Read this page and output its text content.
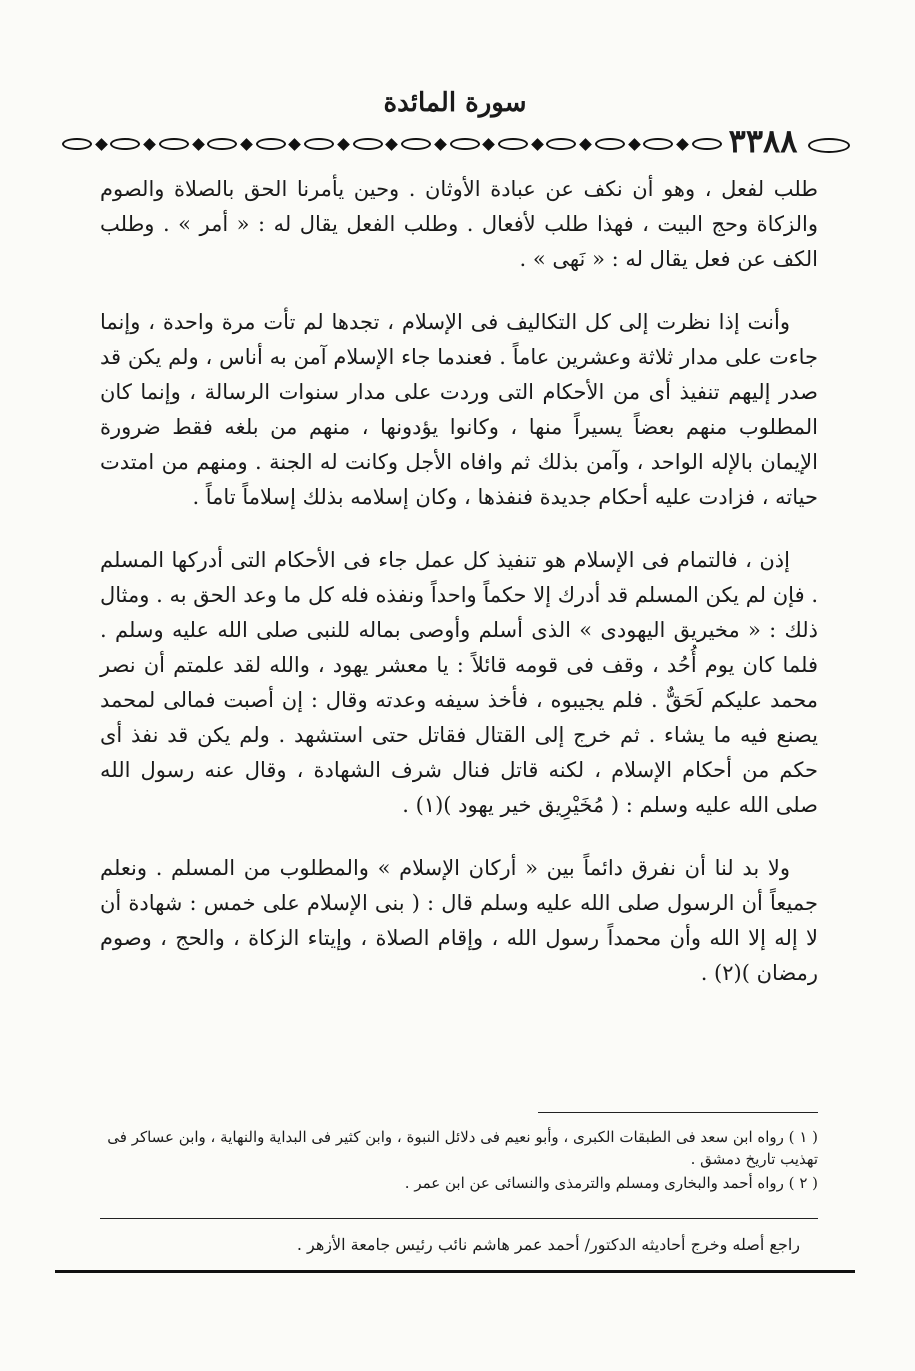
سورة المائدة
٣٣٨٨

طلب لفعل ، وهو أن نكف عن عبادة الأوثان . وحين يأمرنا الحق بالصلاة والصوم والزكاة وحج البيت ، فهذا طلب لأفعال . وطلب الفعل يقال له : « أمر » . وطلب الكف عن فعل يقال له : « نَهى » .

وأنت إذا نظرت إلى كل التكاليف فى الإسلام ، تجدها لم تأت مرة واحدة ، وإنما جاءت على مدار ثلاثة وعشرين عاماً . فعندما جاء الإسلام آمن به أناس ، ولم يكن قد صدر إليهم تنفيذ أى من الأحكام التى وردت على مدار سنوات الرسالة ، وإنما كان المطلوب منهم بعضاً يسيراً منها ، وكانوا يؤدونها ، منهم من بلغه فقط ضرورة الإيمان بالإله الواحد ، وآمن بذلك ثم وافاه الأجل وكانت له الجنة . ومنهم من امتدت حياته ، فزادت عليه أحكام جديدة فنفذها ، وكان إسلامه بذلك إسلاماً تاماً .

إذن ، فالتمام فى الإسلام هو تنفيذ كل عمل جاء فى الأحكام التى أدركها المسلم . فإن لم يكن المسلم قد أدرك إلا حكماً واحداً ونفذه فله كل ما وعد الحق به . ومثال ذلك : « مخيريق اليهودى » الذى أسلم وأوصى بماله للنبى صلى الله عليه وسلم . فلما كان يوم أُحُد ، وقف فى قومه قائلاً : يا معشر يهود ، والله لقد علمتم أن نصر محمد عليكم لَحَقٌّ . فلم يجيبوه ، فأخذ سيفه وعدته وقال : إن أصبت فمالى لمحمد يصنع فيه ما يشاء . ثم خرج إلى القتال فقاتل حتى استشهد . ولم يكن قد نفذ أى حكم من أحكام الإسلام ، لكنه قاتل فنال شرف الشهادة ، وقال عنه رسول الله صلى الله عليه وسلم : ( مُخَيْرِيق خير يهود )(١) .

ولا بد لنا أن نفرق دائماً بين « أركان الإسلام » والمطلوب من المسلم . ونعلم جميعاً أن الرسول صلى الله عليه وسلم قال : ( بنى الإسلام على خمس : شهادة أن لا إله إلا الله وأن محمداً رسول الله ، وإقام الصلاة ، وإيتاء الزكاة ، والحج ، وصوم رمضان )(٢) .

( ١ ) رواه ابن سعد فى الطبقات الكبرى ، وأبو نعيم فى دلائل النبوة ، وابن كثير فى البداية والنهاية ، وابن عساكر فى تهذيب تاريخ دمشق .
( ٢ ) رواه أحمد والبخارى ومسلم والترمذى والنسائى عن ابن عمر .
راجع أصله وخرج أحاديثه الدكتور/ أحمد عمر هاشم نائب رئيس جامعة الأزهر .
